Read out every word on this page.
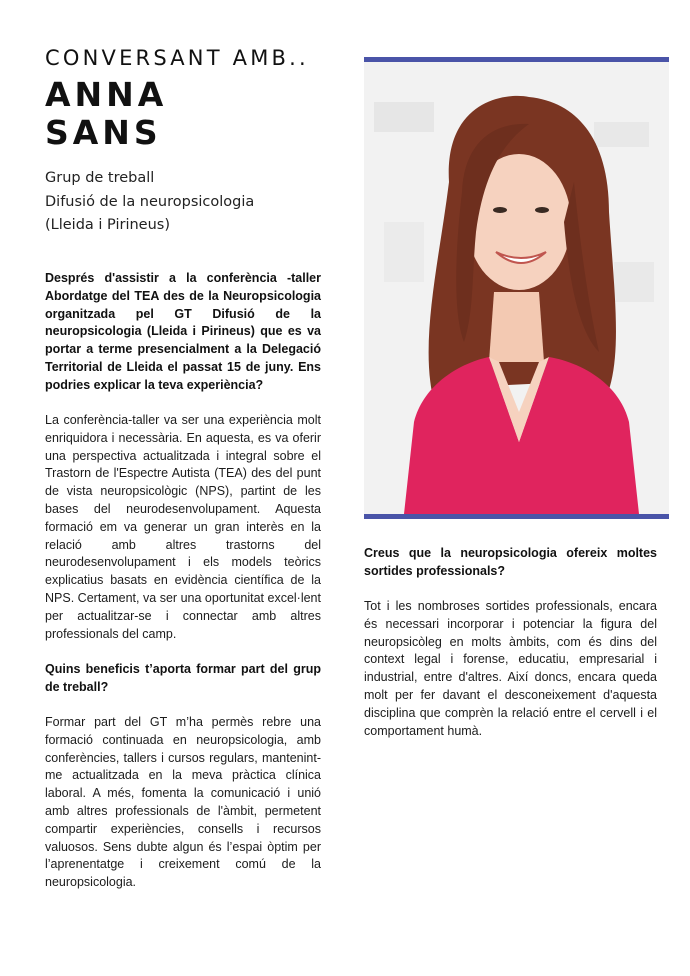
CONVERSANT AMB..
ANNA
SANS
Grup de treball
Difusió de la neuropsicologia
(Lleida i Pirineus)

Després d'assistir a la conferència -taller Abordatge del TEA des de la Neuropsicologia organitzada pel GT Difusió de la neuropsicologia (Lleida i Pirineus) que es va portar a terme presencialment a la Delegació Territorial de Lleida el passat 15 de juny. Ens podries explicar la teva experiència?

La conferència-taller va ser una experiència molt enriquidora i necessària. En aquesta, es va oferir una perspectiva actualitzada i integral sobre el Trastorn de l'Espectre Autista (TEA) des del punt de vista neuropsicològic (NPS), partint de les bases del neurodesenvolupament. Aquesta formació em va generar un gran interès en la relació amb altres trastorns del neurodesenvolupament i els models teòrics explicatius basats en evidència científica de la NPS. Certament, va ser una oportunitat excel·lent per actualitzar-se i connectar amb altres professionals del camp.

Quins beneficis t’aporta formar part del grup de treball?

Formar part del GT m’ha permès rebre una formació continuada en neuropsicologia, amb conferències, tallers i cursos regulars, mantenint-me actualitzada en la meva pràctica clínica laboral. A més, fomenta la comunicació i unió amb altres professionals de l'àmbit, permetent compartir experiències, consells i recursos valuosos. Sens dubte algun és l’espai òptim per l’aprenentatge i creixement comú de la neuropsicologia.

Creus que la neuropsicologia ofereix moltes sortides professionals?

Tot i les nombroses sortides professionals, encara és necessari incorporar i potenciar la figura del neuropsicòleg en molts àmbits, com és dins del context legal i forense, educatiu, empresarial i industrial, entre d'altres. Així doncs, encara queda molt per fer davant el desconeixement d'aquesta disciplina que comprèn la relació entre el cervell i el comportament humà.
